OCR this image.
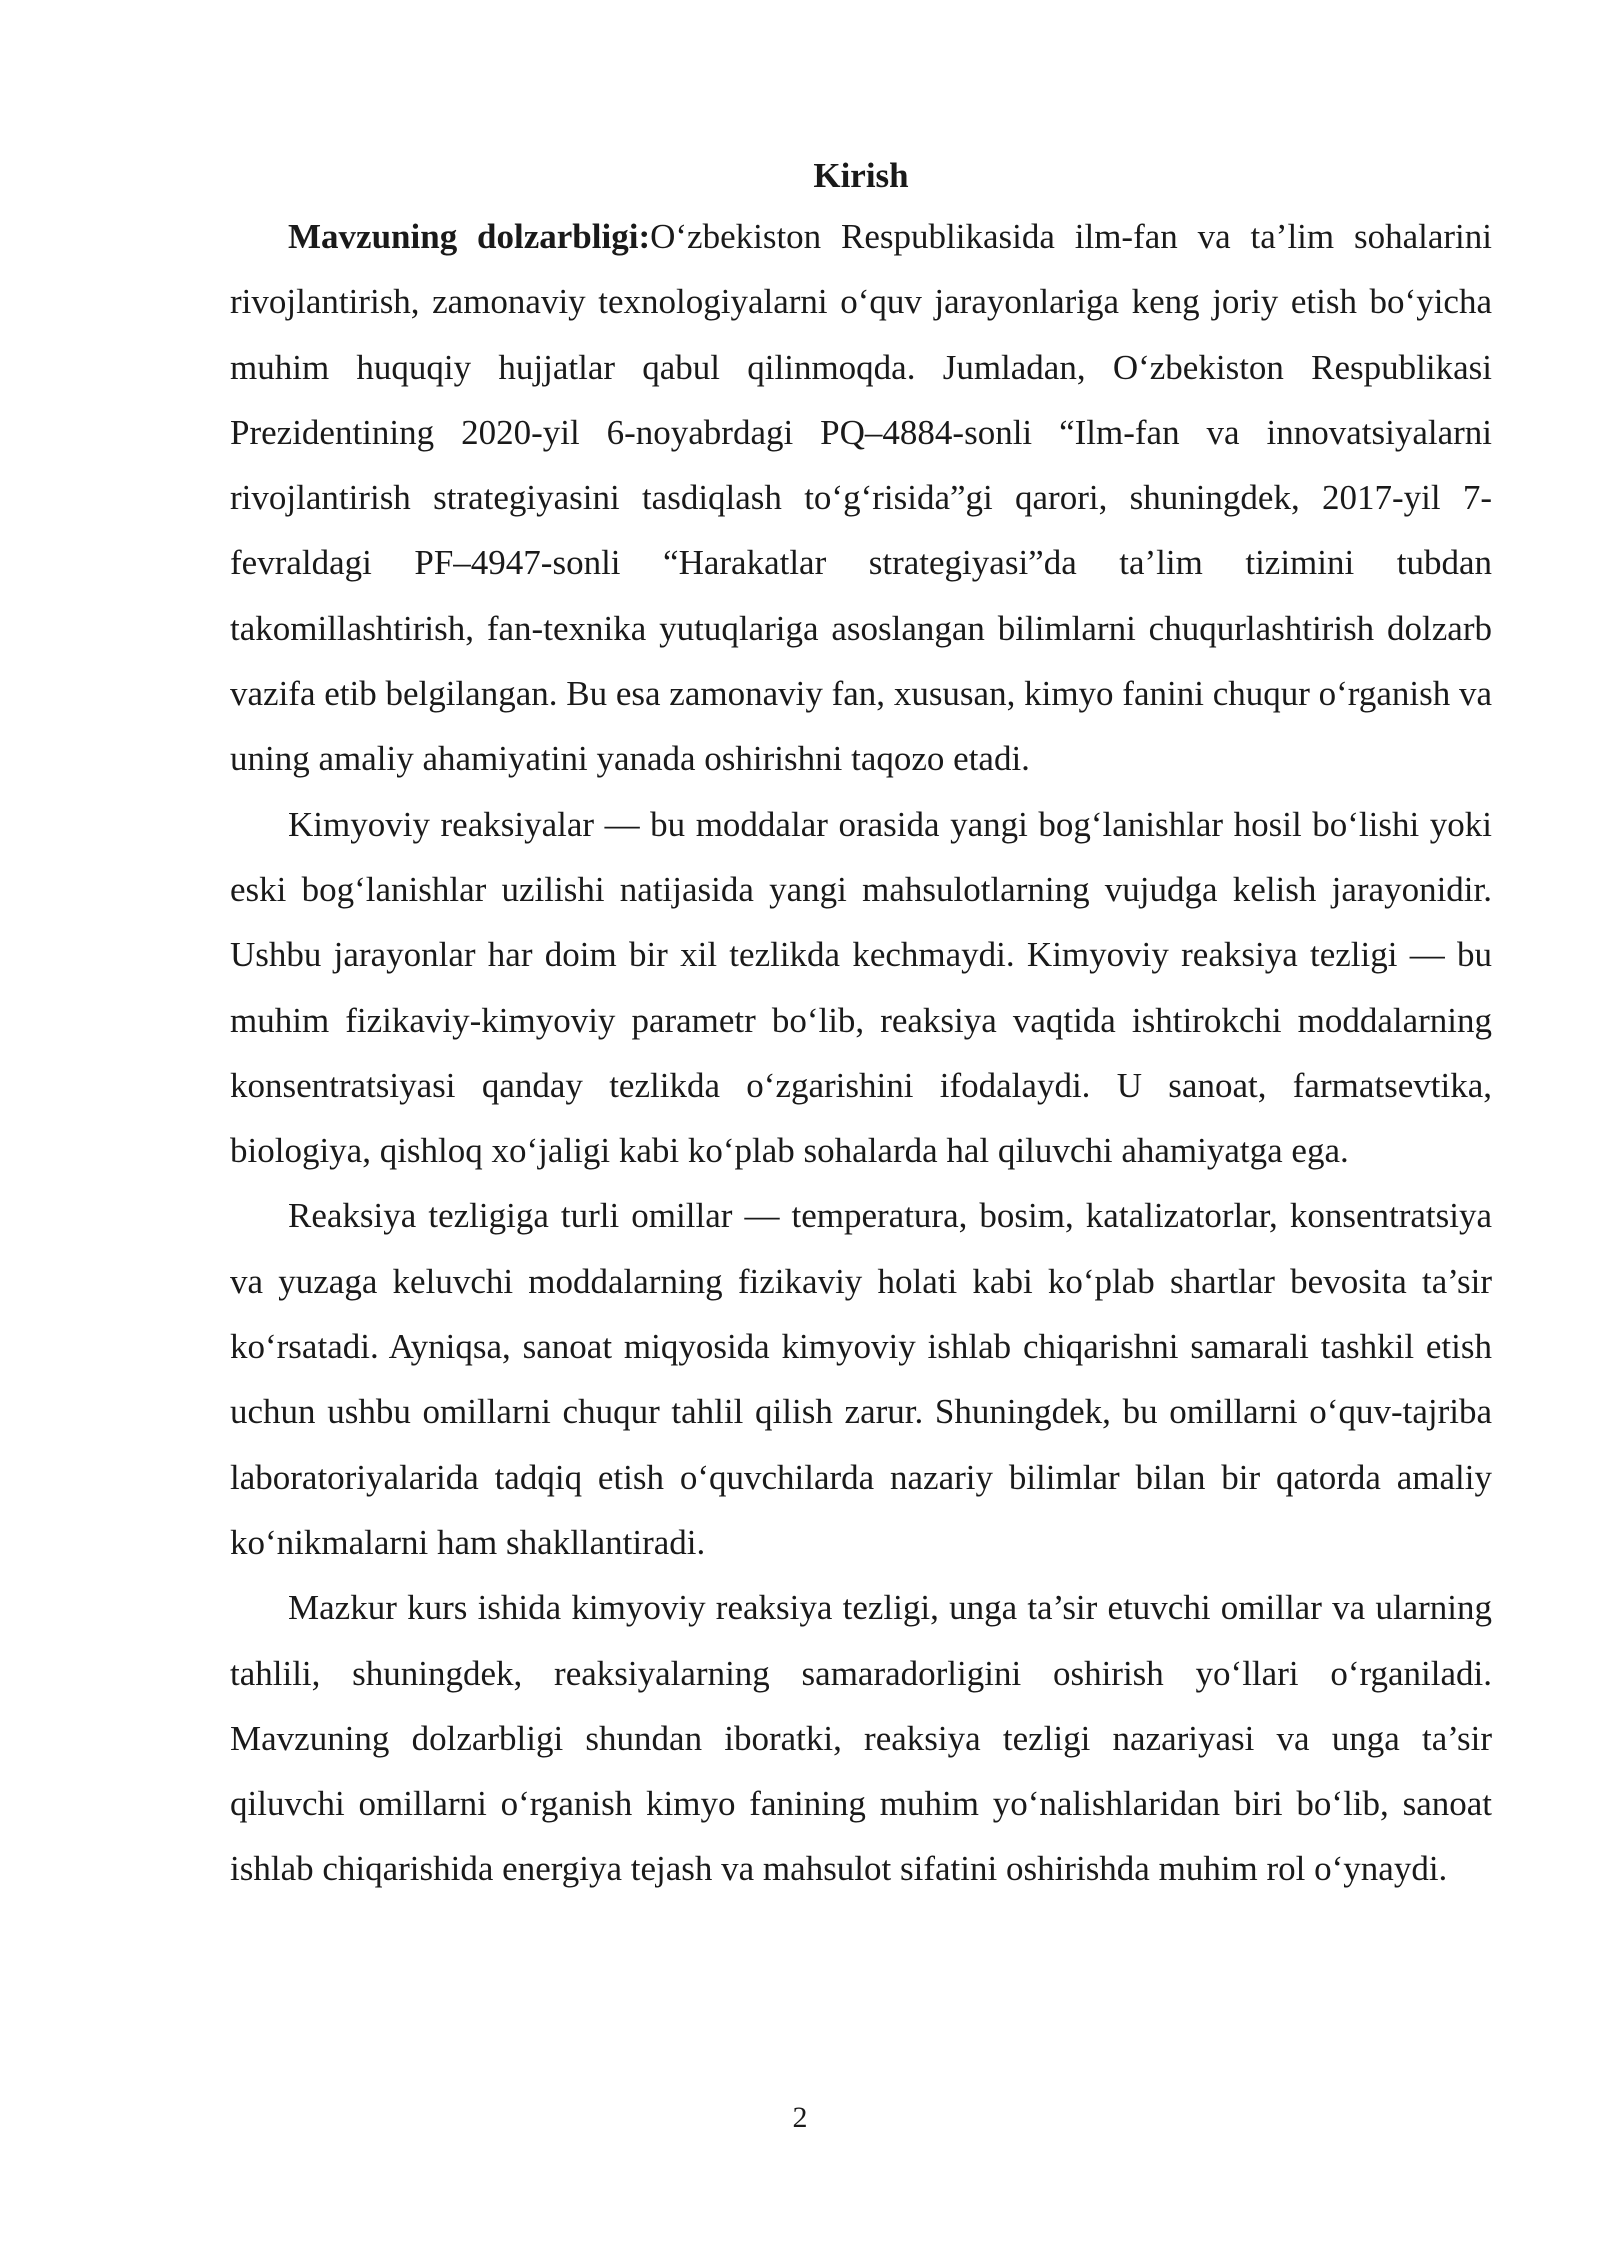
Kirish

Mavzuning dolzarbligi:O‘zbekiston Respublikasida ilm-fan va ta’lim sohalarini rivojlantirish, zamonaviy texnologiyalarni o‘quv jarayonlariga keng joriy etish bo‘yicha muhim huquqiy hujjatlar qabul qilinmoqda. Jumladan, O‘zbekiston Respublikasi Prezidentining 2020-yil 6-noyabrdagi PQ–4884-sonli “Ilm-fan va innovatsiyalarni rivojlantirish strategiyasini tasdiqlash to‘g‘risida”gi qarori, shuningdek, 2017-yil 7-fevraldagi PF–4947-sonli “Harakatlar strategiyasi”da ta’lim tizimini tubdan takomillashtirish, fan-texnika yutuqlariga asoslangan bilimlarni chuqurlashtirish dolzarb vazifa etib belgilangan. Bu esa zamonaviy fan, xususan, kimyo fanini chuqur o‘rganish va uning amaliy ahamiyatini yanada oshirishni taqozo etadi.

Kimyoviy reaksiyalar — bu moddalar orasida yangi bog‘lanishlar hosil bo‘lishi yoki eski bog‘lanishlar uzilishi natijasida yangi mahsulotlarning vujudga kelish jarayonidir. Ushbu jarayonlar har doim bir xil tezlikda kechmaydi. Kimyoviy reaksiya tezligi — bu muhim fizikaviy-kimyoviy parametr bo‘lib, reaksiya vaqtida ishtirokchi moddalarning konsentratsiyasi qanday tezlikda o‘zgarishini ifodalaydi. U sanoat, farmatsevtika, biologiya, qishloq xo‘jaligi kabi ko‘plab sohalarda hal qiluvchi ahamiyatga ega.

Reaksiya tezligiga turli omillar — temperatura, bosim, katalizatorlar, konsentratsiya va yuzaga keluvchi moddalarning fizikaviy holati kabi ko‘plab shartlar bevosita ta’sir ko‘rsatadi. Ayniqsa, sanoat miqyosida kimyoviy ishlab chiqarishni samarali tashkil etish uchun ushbu omillarni chuqur tahlil qilish zarur. Shuningdek, bu omillarni o‘quv-tajriba laboratoriyalarida tadqiq etish o‘quvchilarda nazariy bilimlar bilan bir qatorda amaliy ko‘nikmalarni ham shakllantiradi.

Mazkur kurs ishida kimyoviy reaksiya tezligi, unga ta’sir etuvchi omillar va ularning tahlili, shuningdek, reaksiyalarning samaradorligini oshirish yo‘llari o‘rganiladi. Mavzuning dolzarbligi shundan iboratki, reaksiya tezligi nazariyasi va unga ta’sir qiluvchi omillarni o‘rganish kimyo fanining muhim yo‘nalishlaridan biri bo‘lib, sanoat ishlab chiqarishida energiya tejash va mahsulot sifatini oshirishda muhim rol o‘ynaydi.

2
